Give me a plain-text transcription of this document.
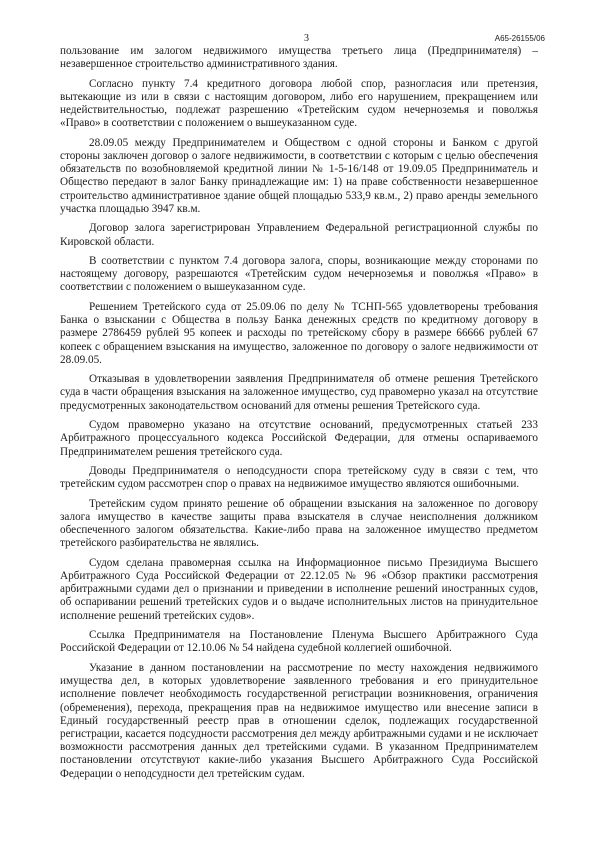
3	А65-26155/06

пользование им залогом недвижимого имущества третьего лица (Предпринимателя) – незавершенное строительство административного здания.

Согласно пункту 7.4 кредитного договора любой спор, разногласия или претензия, вытекающие из или в связи с настоящим договором, либо его нарушением, прекращением или недействительностью, подлежат разрешению «Третейским судом нечерноземья и поволжья «Право» в соответствии с положением о вышеуказанном суде.

28.09.05 между Предпринимателем и Обществом с одной стороны и Банком с другой стороны заключен договор о залоге недвижимости, в соответствии с которым с целью обеспечения обязательств по возобновляемой кредитной линии № 1-5-16/148 от 19.09.05 Предприниматель и Общество передают в залог Банку принадлежащие им: 1) на праве собственности незавершенное строительство административное здание общей площадью 533,9 кв.м., 2) право аренды земельного участка площадью 3947 кв.м.

Договор залога зарегистрирован Управлением Федеральной регистрационной службы по Кировской области.

В соответствии с пунктом 7.4 договора залога, споры, возникающие между сторонами по настоящему договору, разрешаются «Третейским судом нечерноземья и поволжья «Право» в соответствии с положением о вышеуказанном суде.

Решением Третейского суда от 25.09.06 по делу № ТСНП-565 удовлетворены требования Банка о взыскании с Общества в пользу Банка денежных средств по кредитному договору в размере 2786459 рублей 95 копеек и расходы по третейскому сбору в размере 66666 рублей 67 копеек с обращением взыскания на имущество, заложенное по договору о залоге недвижимости от 28.09.05.

Отказывая в удовлетворении заявления Предпринимателя об отмене решения Третейского суда в части обращения взыскания на заложенное имущество, суд правомерно указал на отсутствие предусмотренных законодательством оснований для отмены решения Третейского суда.

Судом правомерно указано на отсутствие оснований, предусмотренных статьей 233 Арбитражного процессуального кодекса Российской Федерации, для отмены оспариваемого Предпринимателем решения третейского суда.

Доводы Предпринимателя о неподсудности спора третейскому суду в связи с тем, что третейским судом рассмотрен спор о правах на недвижимое имущество являются ошибочными.

Третейским судом принято решение об обращении взыскания на заложенное по договору залога имущество в качестве защиты права взыскателя в случае неисполнения должником обеспеченного залогом обязательства. Какие-либо права на заложенное имущество предметом третейского разбирательства не являлись.

Судом сделана правомерная ссылка на Информационное письмо Президиума Высшего Арбитражного Суда Российской Федерации от 22.12.05 № 96 «Обзор практики рассмотрения арбитражными судами дел о признании и приведении в исполнение решений иностранных судов, об оспаривании решений третейских судов и о выдаче исполнительных листов на принудительное исполнение решений третейских судов».

Ссылка Предпринимателя на Постановление Пленума Высшего Арбитражного Суда Российской Федерации от 12.10.06 № 54 найдена судебной коллегией ошибочной.

Указание в данном постановлении на рассмотрение по месту нахождения недвижимого имущества дел, в которых удовлетворение заявленного требования и его принудительное исполнение повлечет необходимость государственной регистрации возникновения, ограничения (обременения), перехода, прекращения прав на недвижимое имущество или внесение записи в Единый государственный реестр прав в отношении сделок, подлежащих государственной регистрации, касается подсудности рассмотрения дел между арбитражными судами и не исключает возможности рассмотрения данных дел третейскими судами. В указанном Предпринимателем постановлении отсутствуют какие-либо указания Высшего Арбитражного Суда Российской Федерации о неподсудности дел третейским судам.
